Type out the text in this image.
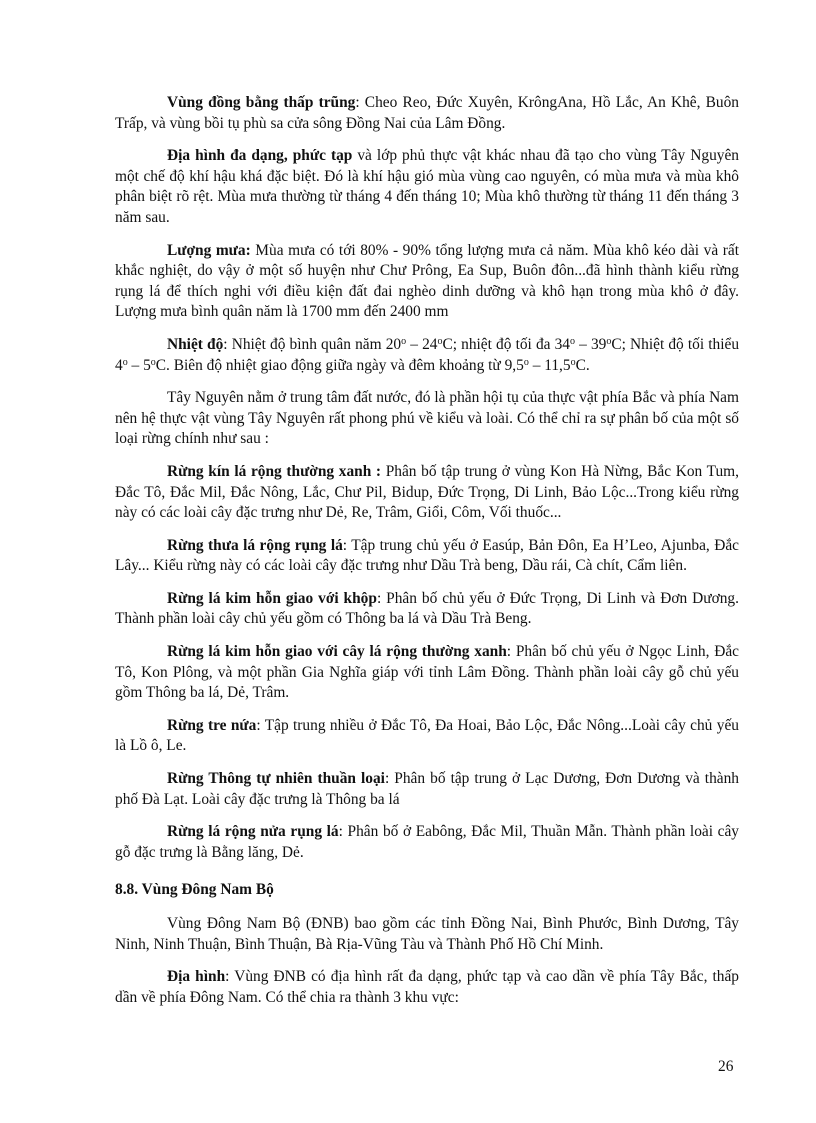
Vùng đồng bằng thấp trũng: Cheo Reo, Đức Xuyên, KrôngAna, Hồ Lắc, An Khê, Buôn Trấp, và vùng bồi tụ phù sa cửa sông Đồng Nai của Lâm Đồng.

Địa hình đa dạng, phức tạp và lớp phủ thực vật khác nhau đã tạo cho vùng Tây Nguyên một chế độ khí hậu khá đặc biệt. Đó là khí hậu gió mùa vùng cao nguyên, có mùa mưa và mùa khô phân biệt rõ rệt. Mùa mưa thường từ tháng 4 đến tháng 10; Mùa khô thường từ tháng 11 đến tháng 3 năm sau.

Lượng mưa: Mùa mưa có tới 80% - 90% tổng lượng mưa cả năm. Mùa khô kéo dài và rất khắc nghiệt, do vậy ở một số huyện như Chư Prông, Ea Sup, Buôn đôn...đã hình thành kiểu rừng rụng lá để thích nghi với điều kiện đất đai nghèo dinh dưỡng và khô hạn trong mùa khô ở đây. Lượng mưa bình quân năm là 1700 mm đến 2400 mm

Nhiệt độ: Nhiệt độ bình quân năm 20$^o$ – 24$^o$C; nhiệt độ tối đa 34$^o$ – 39$^o$C; Nhiệt độ tối thiểu 4$^o$ – 5$^o$C. Biên độ nhiệt giao động giữa ngày và đêm khoảng từ 9,5$^o$ – 11,5$^o$C.

Tây Nguyên nằm ở trung tâm đất nước, đó là phần hội tụ của thực vật phía Bắc và phía Nam nên hệ thực vật vùng Tây Nguyên rất phong phú về kiểu và loài. Có thể chỉ ra sự phân bố của một số loại rừng chính như sau :

Rừng kín lá rộng thường xanh : Phân bố tập trung ở vùng Kon Hà Nừng, Bắc Kon Tum, Đắc Tô, Đắc Mil, Đắc Nông, Lắc, Chư Pil, Bidup, Đức Trọng, Di Linh, Bảo Lộc...Trong kiểu rừng này có các loài cây đặc trưng như Dẻ, Re, Trâm, Giổi, Côm, Vối thuốc...

Rừng thưa lá rộng rụng lá: Tập trung chủ yếu ở Easúp, Bản Đôn, Ea H’Leo, Ajunba, Đắc Lây... Kiểu rừng này có các loài cây đặc trưng như Dầu Trà beng, Dầu rái, Cà chít, Cẩm liên.

Rừng lá kim hỗn giao với khộp: Phân bố chủ yếu ở Đức Trọng, Di Linh và Đơn Dương. Thành phần loài cây chủ yếu gồm có Thông ba lá và Dầu Trà Beng.

Rừng lá kim hỗn giao với cây lá rộng thường xanh: Phân bố chủ yếu ở Ngọc Linh, Đắc Tô, Kon Plông, và một phần Gia Nghĩa giáp với tỉnh Lâm Đồng. Thành phần loài cây gỗ chủ yếu gồm Thông ba lá, Dẻ, Trâm.

Rừng tre nứa: Tập trung nhiều ở Đắc Tô, Đa Hoai, Bảo Lộc, Đắc Nông...Loài cây chủ yếu là Lồ ô, Le.

Rừng Thông tự nhiên thuần loại: Phân bố tập trung ở Lạc Dương, Đơn Dương và thành phố Đà Lạt. Loài cây đặc trưng là Thông ba lá

Rừng lá rộng nửa rụng lá: Phân bố ở Eabông, Đắc Mil, Thuần Mẫn. Thành phần loài cây gỗ đặc trưng là Bằng lăng, Dẻ.

8.8. Vùng Đông Nam Bộ

Vùng Đông Nam Bộ (ĐNB) bao gồm các tỉnh Đồng Nai, Bình Phước, Bình Dương, Tây Ninh, Ninh Thuận, Bình Thuận, Bà Rịa-Vũng Tàu và Thành Phố Hồ Chí Minh.

Địa hình: Vùng ĐNB có địa hình rất đa dạng, phức tạp và cao dần về phía Tây Bắc, thấp dần về phía Đông Nam. Có thể chia ra thành 3 khu vực:

26
